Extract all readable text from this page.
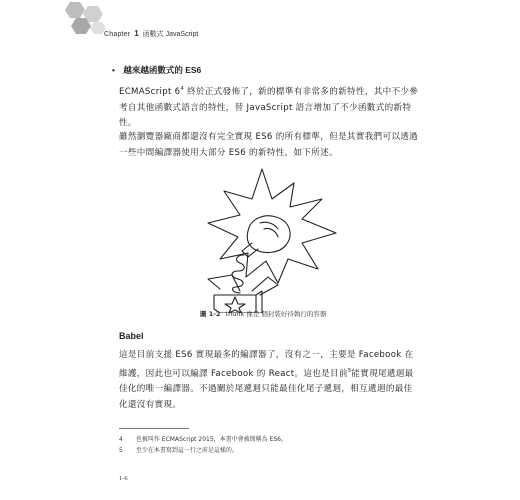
Chapter 1 函數式 JavaScript
• 越來越函數式的 ES6

ECMAScript $6^4$ 終於正式發佈了，新的標準有非常多的新特性，其中不少參考自其他函數式語言的特性，替 JavaScript 語言增加了不少函數式的新特性。

雖然瀏覽器廠商都還沒有完全實現 ES6 的所有標準，但是其實我們可以透過一些中間編譯器使用大部分 ES6 的新特性，如下所述。

圖 1-2 thunk 像是 個封裝好待執行的容器
Babel

這是目前支援 ES6 實現最多的編譯器了，沒有之一，主要是 Facebook 在維護，因此也可以編譯 Facebook 的 React。這也是目前$^5$能實現尾遞迴最佳化的唯一編譯器。不過關於尾遞迴只能最佳化尾子遞迴，相互遞迴的最佳化還沒有實現。

4 也被叫作 ECMAScript 2015，本書中會被簡稱為 ES6。
5 至少在本書寫到這一行之前是這樣的。
1-6
